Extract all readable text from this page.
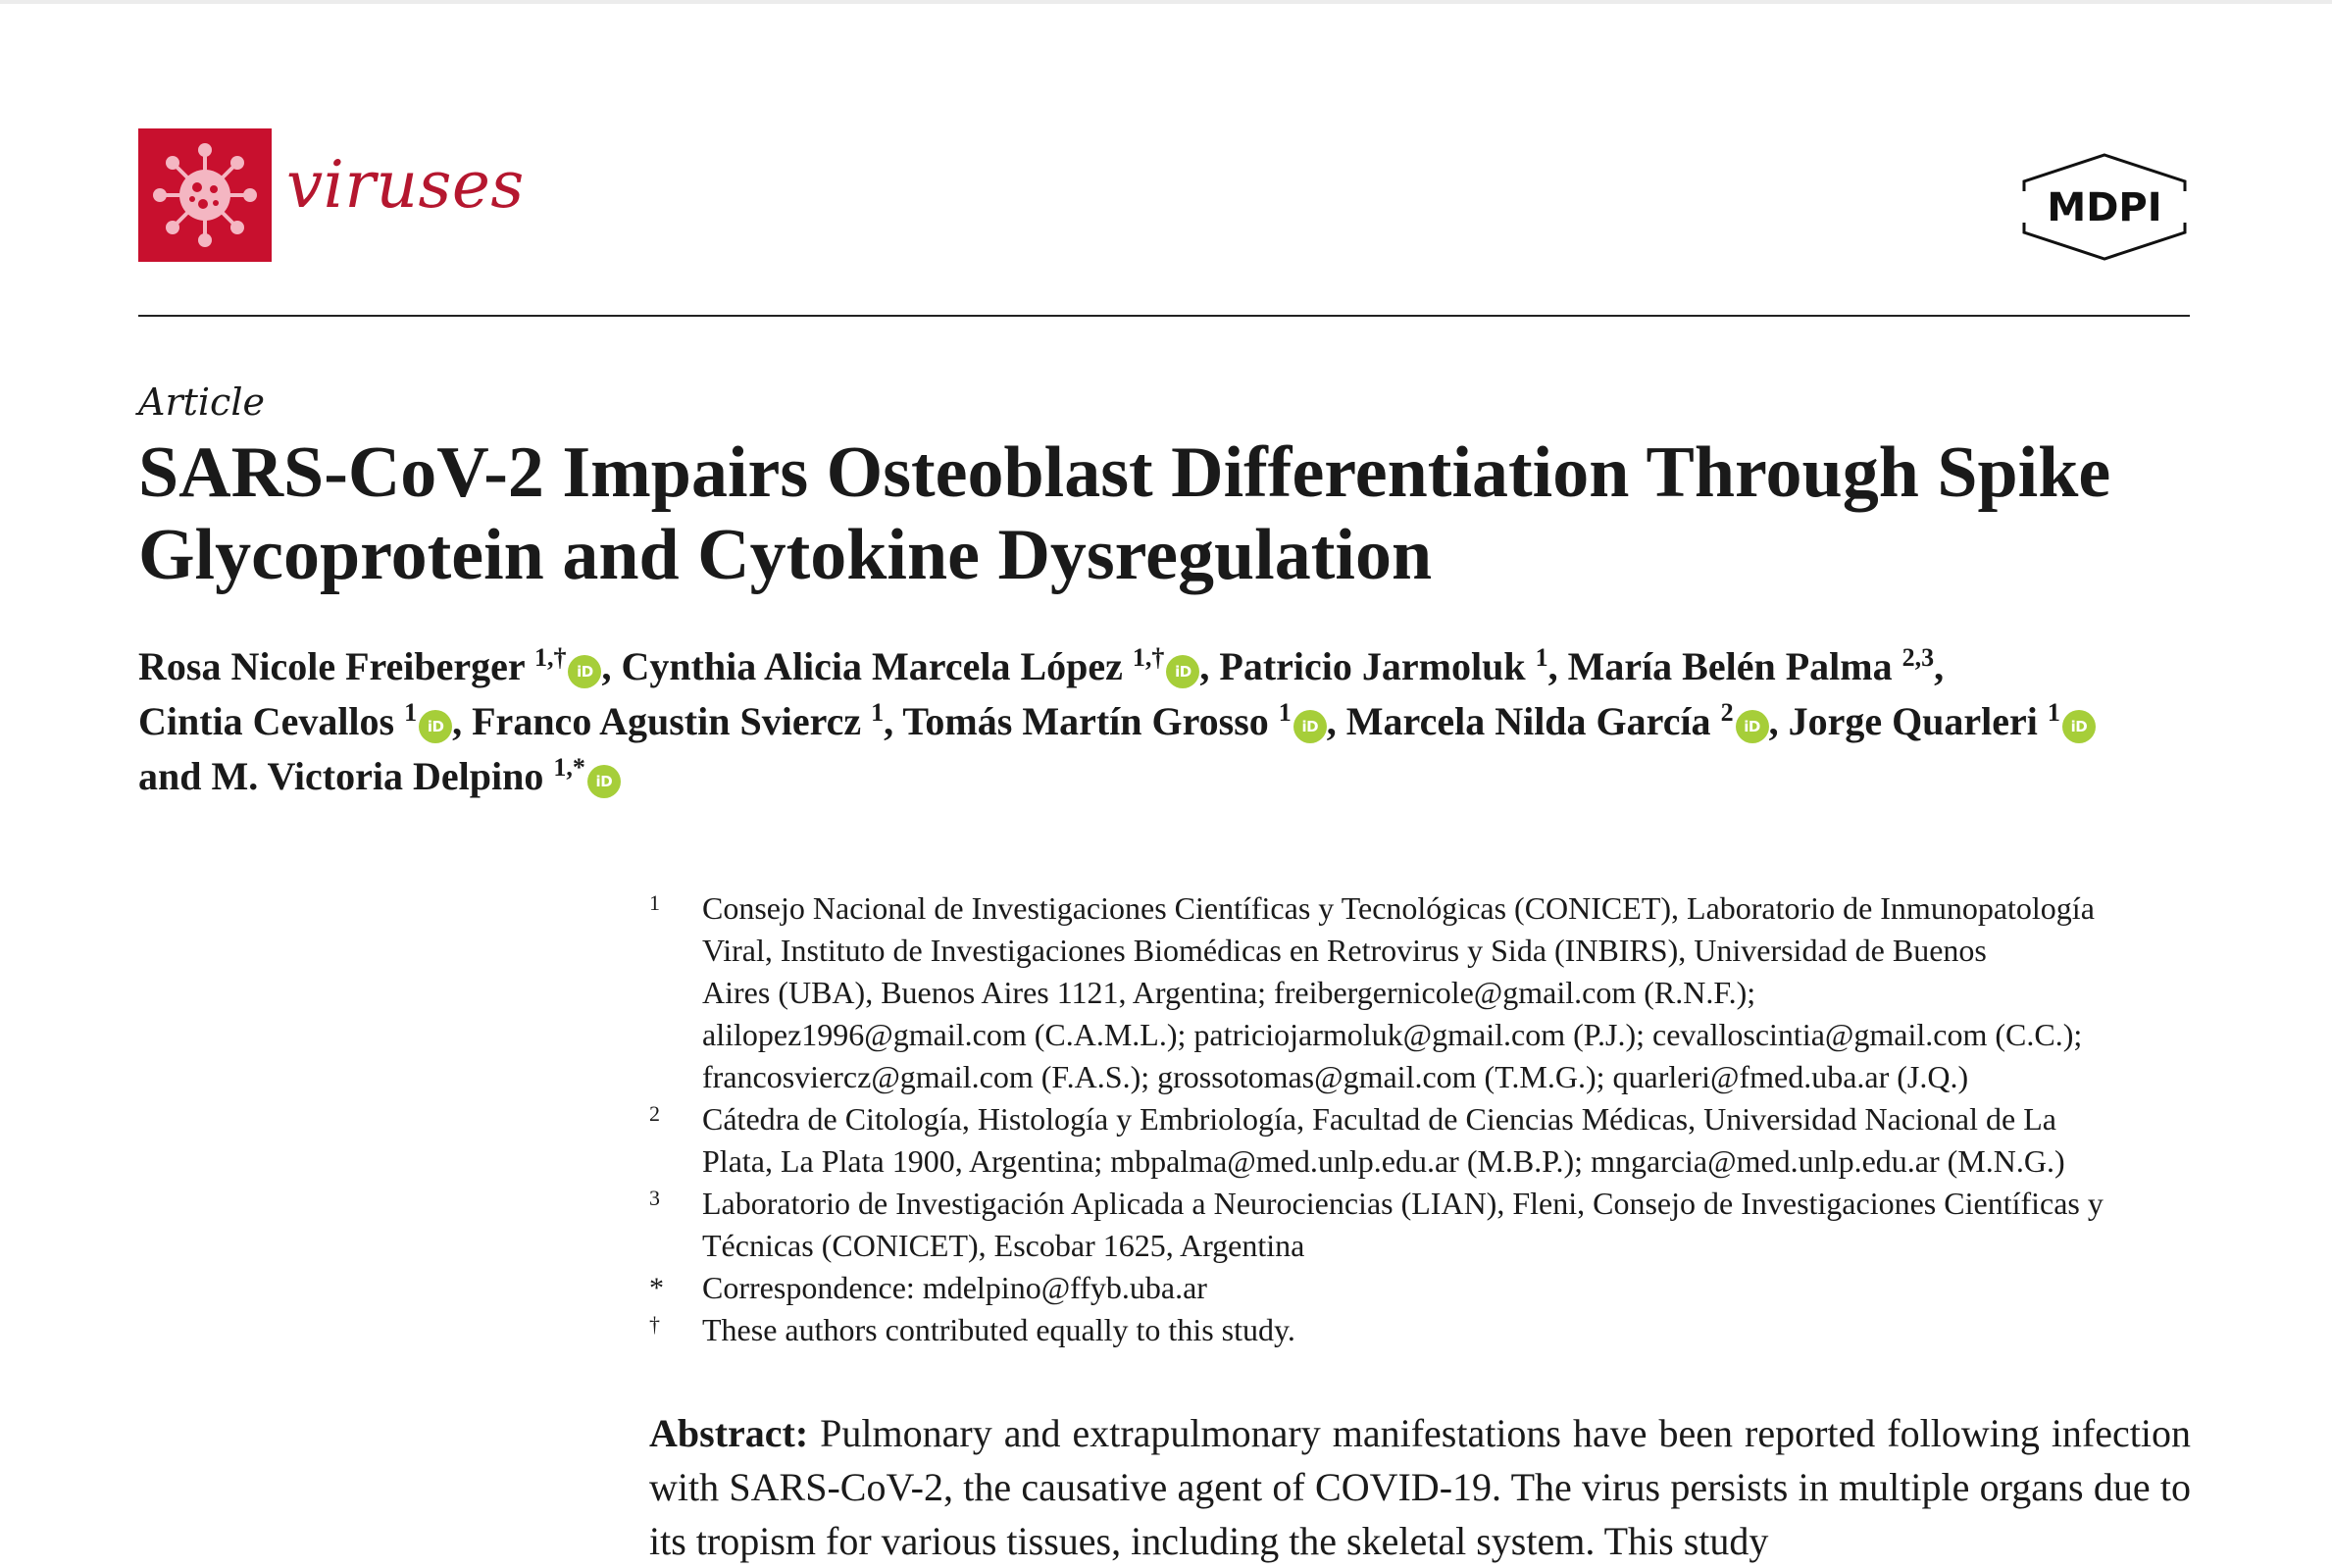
viruses	MDPI
Article
SARS-CoV-2 Impairs Osteoblast Differentiation Through Spike Glycoprotein and Cytokine Dysregulation
Rosa Nicole Freiberger $^{1,\dagger}$ iD , Cynthia Alicia Marcela López $^{1,\dagger}$ iD , Patricio Jarmoluk $^1$, María Belén Palma $^{2,3}$,
Cintia Cevallos $^1$ iD , Franco Agustin Sviercz $^1$, Tomás Martín Grosso $^1$ iD , Marcela Nilda García $^2$ iD , Jorge Quarleri $^1$ iD
and M. Victoria Delpino $^{1,*}$ iD
1 Consejo Nacional de Investigaciones Científicas y Tecnológicas (CONICET), Laboratorio de Inmunopatología
Viral, Instituto de Investigaciones Biomédicas en Retrovirus y Sida (INBIRS), Universidad de Buenos
Aires (UBA), Buenos Aires 1121, Argentina; freibergernicole@gmail.com (R.N.F.);
alilopez1996@gmail.com (C.A.M.L.); patriciojarmoluk@gmail.com (P.J.); cevalloscintia@gmail.com (C.C.);
francosviercz@gmail.com (F.A.S.); grossotomas@gmail.com (T.M.G.); quarleri@fmed.uba.ar (J.Q.)
2 Cátedra de Citología, Histología y Embriología, Facultad de Ciencias Médicas, Universidad Nacional de La
Plata, La Plata 1900, Argentina; mbpalma@med.unlp.edu.ar (M.B.P.); mngarcia@med.unlp.edu.ar (M.N.G.)
3 Laboratorio de Investigación Aplicada a Neurociencias (LIAN), Fleni, Consejo de Investigaciones Científicas y
Técnicas (CONICET), Escobar 1625, Argentina
* Correspondence: mdelpino@ffyb.uba.ar
† These authors contributed equally to this study.
Abstract: Pulmonary and extrapulmonary manifestations have been reported following infection with SARS-CoV-2, the causative agent of COVID-19. The virus persists in multiple organs due to its tropism for various tissues, including the skeletal system. This study
